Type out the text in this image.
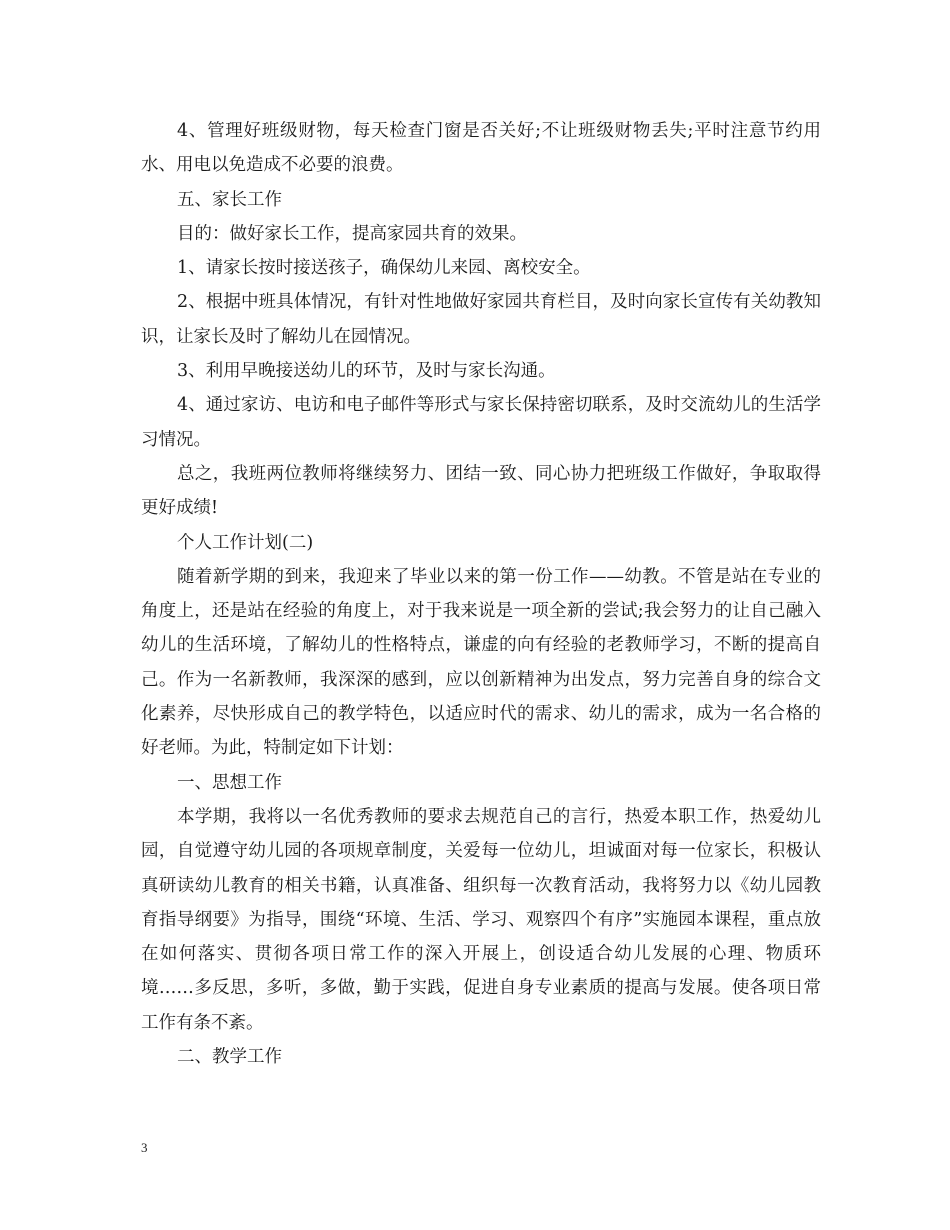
4、管理好班级财物，每天检查门窗是否关好;不让班级财物丢失;平时注意节约用水、用电以免造成不必要的浪费。

五、家长工作

目的：做好家长工作，提高家园共育的效果。

1、请家长按时接送孩子，确保幼儿来园、离校安全。

2、根据中班具体情况，有针对性地做好家园共育栏目，及时向家长宣传有关幼教知识，让家长及时了解幼儿在园情况。

3、利用早晚接送幼儿的环节，及时与家长沟通。

4、通过家访、电访和电子邮件等形式与家长保持密切联系，及时交流幼儿的生活学习情况。

总之，我班两位教师将继续努力、团结一致、同心协力把班级工作做好，争取取得更好成绩!

个人工作计划(二)

随着新学期的到来，我迎来了毕业以来的第一份工作——幼教。不管是站在专业的角度上，还是站在经验的角度上，对于我来说是一项全新的尝试;我会努力的让自己融入幼儿的生活环境，了解幼儿的性格特点，谦虚的向有经验的老教师学习，不断的提高自己。作为一名新教师，我深深的感到，应以创新精神为出发点，努力完善自身的综合文化素养，尽快形成自己的教学特色，以适应时代的需求、幼儿的需求，成为一名合格的好老师。为此，特制定如下计划：

一、思想工作

本学期，我将以一名优秀教师的要求去规范自己的言行，热爱本职工作，热爱幼儿园，自觉遵守幼儿园的各项规章制度，关爱每一位幼儿，坦诚面对每一位家长，积极认真研读幼儿教育的相关书籍，认真准备、组织每一次教育活动，我将努力以《幼儿园教育指导纲要》为指导，围绕“环境、生活、学习、观察四个有序”实施园本课程，重点放在如何落实、贯彻各项日常工作的深入开展上，创设适合幼儿发展的心理、物质环境……多反思，多听，多做，勤于实践，促进自身专业素质的提高与发展。使各项日常工作有条不紊。

二、教学工作

3
